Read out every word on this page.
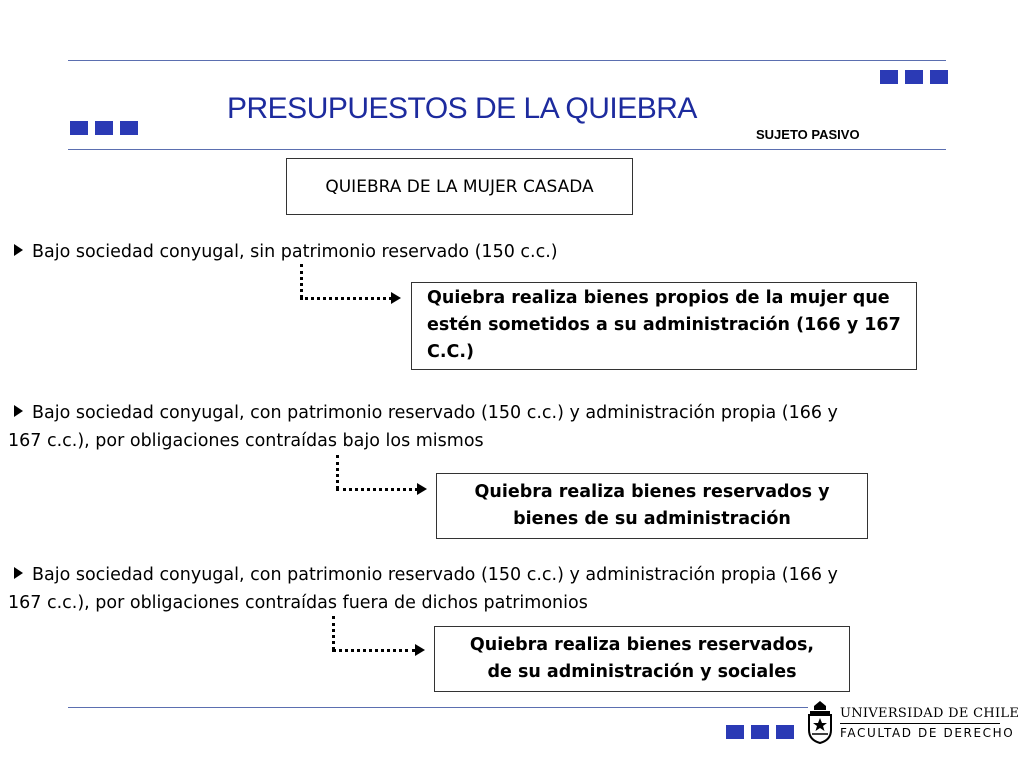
PRESUPUESTOS DE LA QUIEBRA
SUJETO PASIVO
QUIEBRA DE LA MUJER CASADA
Bajo sociedad conyugal, sin patrimonio reservado (150 c.c.)
Quiebra realiza bienes propios de la mujer que estén sometidos a su administración (166 y 167 C.C.)
Bajo sociedad conyugal, con patrimonio reservado (150 c.c.) y administración propia (166 y
167 c.c.), por obligaciones contraídas bajo los mismos
Quiebra realiza bienes reservados y
bienes de su administración
Bajo sociedad conyugal, con patrimonio reservado (150 c.c.) y administración propia (166 y
167 c.c.), por obligaciones contraídas fuera de dichos patrimonios
Quiebra realiza bienes reservados,
de su administración y sociales
UNIVERSIDAD DE CHILE
FACULTAD DE DERECHO
